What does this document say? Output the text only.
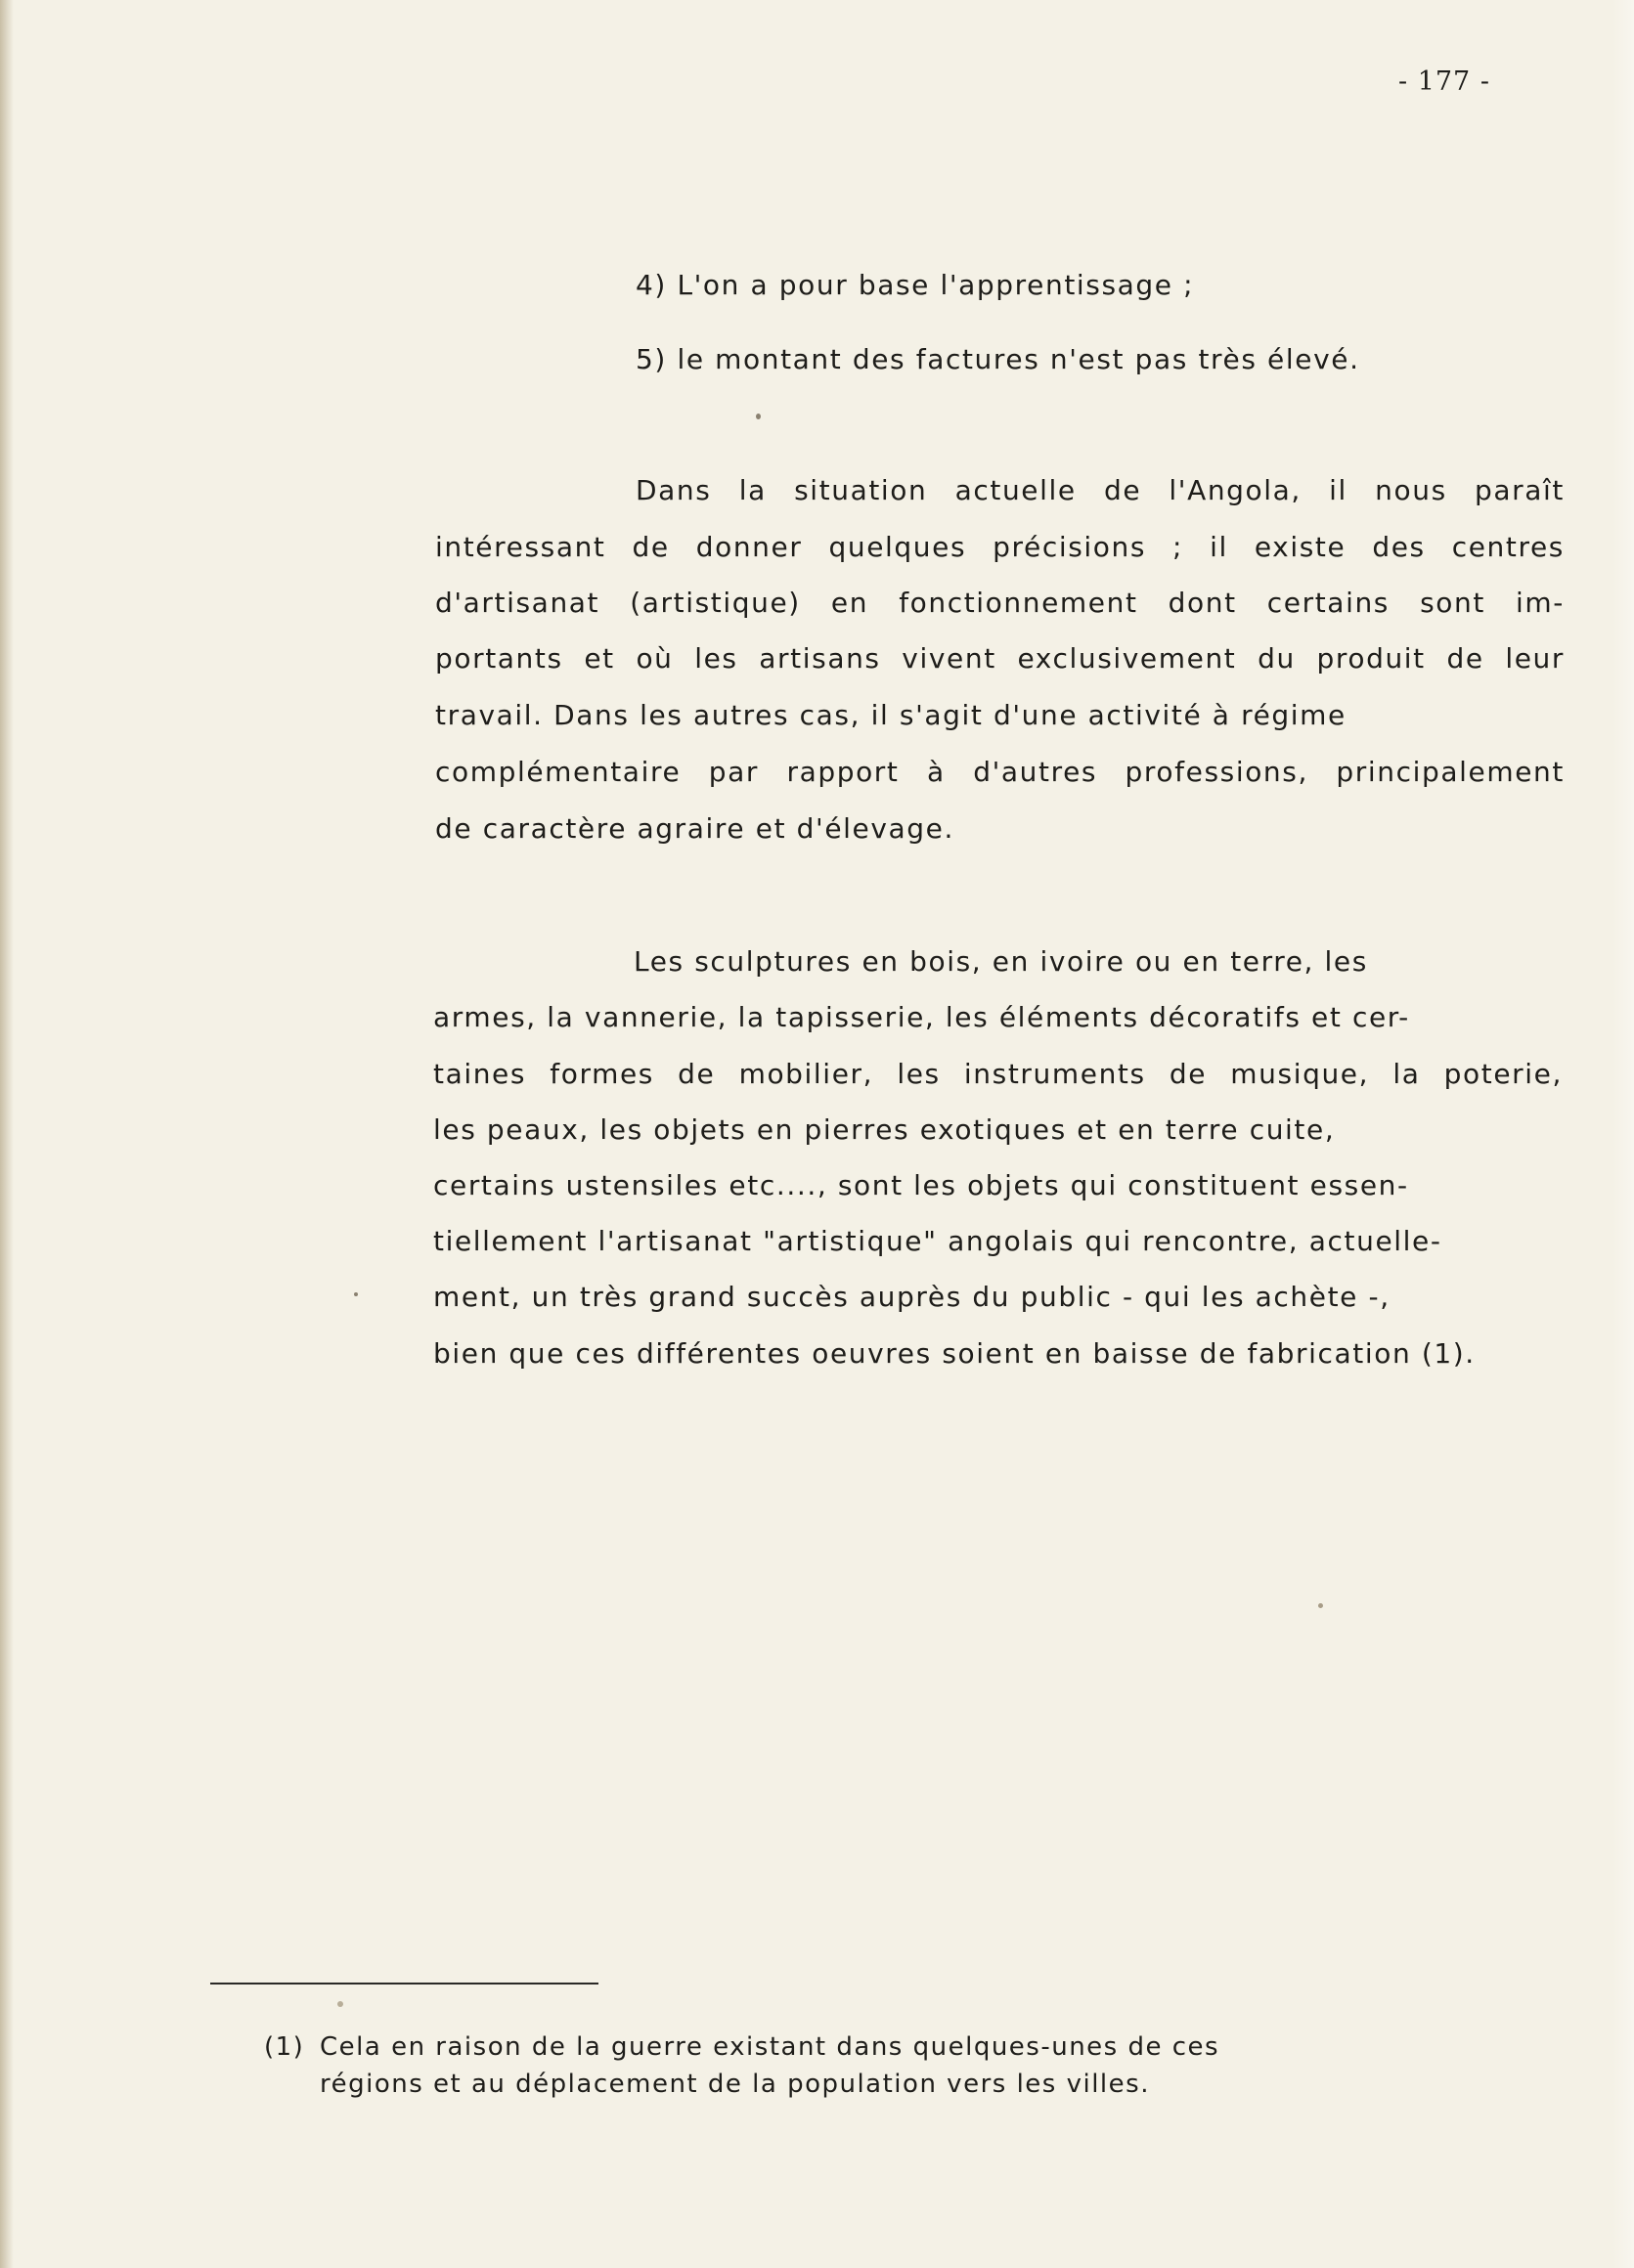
- 177 -
4) L'on a pour base l'apprentissage ;
5) le montant des factures n'est pas très élevé.
Dans la situation actuelle de l'Angola, il nous paraît
intéressant de donner quelques précisions ; il existe des centres
d'artisanat (artistique) en fonctionnement dont certains sont im-
portants et où les artisans vivent exclusivement du produit de leur
travail. Dans les autres cas, il s'agit d'une activité à régime
complémentaire par rapport à d'autres professions, principalement
de caractère agraire et d'élevage.
Les sculptures en bois, en ivoire ou en terre, les
armes, la vannerie, la tapisserie, les éléments décoratifs et cer-
taines formes de mobilier, les instruments de musique, la poterie,
les peaux, les objets en pierres exotiques et en terre cuite,
certains ustensiles etc...., sont les objets qui constituent essen-
tiellement l'artisanat "artistique" angolais qui rencontre, actuelle-
ment, un très grand succès auprès du public - qui les achète -,
bien que ces différentes oeuvres soient en baisse de fabrication (1).
(1) Cela en raison de la guerre existant dans quelques-unes de ces
régions et au déplacement de la population vers les villes.
